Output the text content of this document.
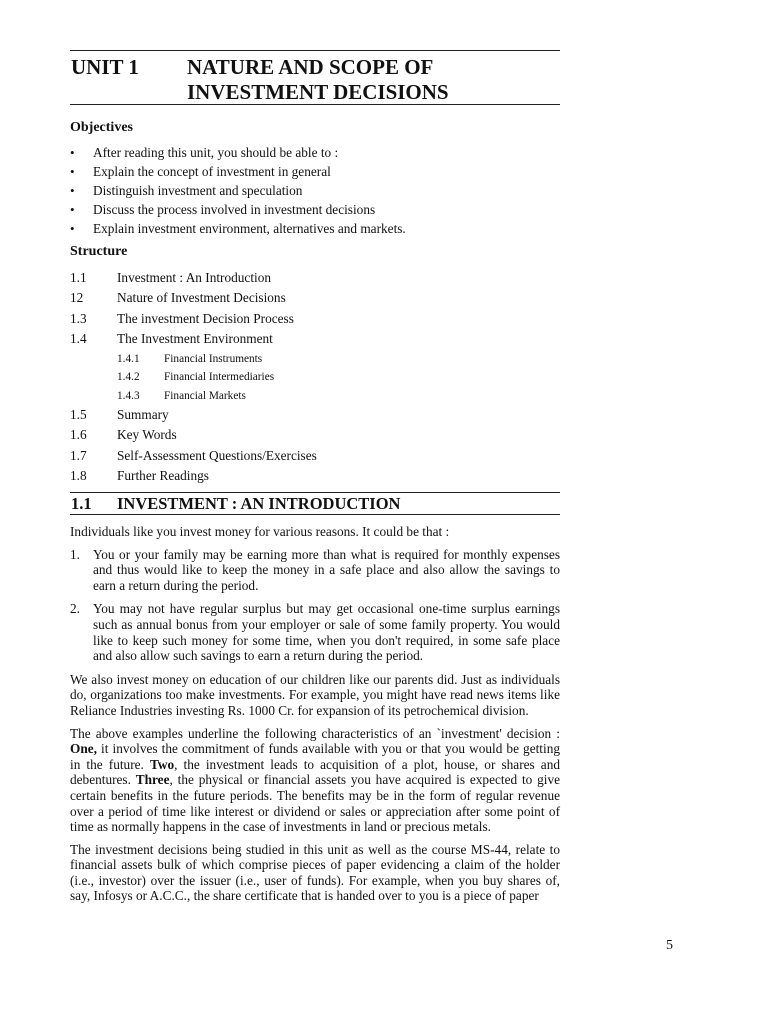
UNIT 1 NATURE AND SCOPE OF
INVESTMENT DECISIONS

Objectives

• After reading this unit, you should be able to :
• Explain the concept of investment in general
• Distinguish investment and speculation
• Discuss the process involved in investment decisions
• Explain investment environment, alternatives and markets.

Structure

1.1 Investment : An Introduction
12	Nature of Investment Decisions
1.3 The investment Decision Process
1.4 The Investment Environment
1.4.1 Financial Instruments
1.4.2 Financial Intermediaries
1.4.3 Financial Markets
1.5 Summary
1.6 Key Words
1.7 Self-Assessment Questions/Exercises
1.8 Further Readings
1.1 INVESTMENT : AN INTRODUCTION

Individuals like you invest money for various reasons. It could be that :

1. You or your family may be earning more than what is required for monthly expenses and thus would like to keep the money in a safe place and also allow the savings to earn a return during the period.
2. You may not have regular surplus but may get occasional one-time surplus earnings such as annual bonus from your employer or sale of some family property. You would like to keep such money for some time, when you don't required, in some safe place and also allow such savings to earn a return during the period.

We also invest money on education of our children like our parents did. Just as individuals do, organizations too make investments. For example, you might have read news items like Reliance Industries investing Rs. 1000 Cr. for expansion of its petrochemical division.

The above examples underline the following characteristics of an `investment' decision : One, it involves the commitment of funds available with you or that you would be getting in the future. Two, the investment leads to acquisition of a plot, house, or shares and debentures. Three, the physical or financial assets you have acquired is expected to give certain benefits in the future periods. The benefits may be in the form of regular revenue over a period of time like interest or dividend or sales or appreciation after some point of time as normally happens in the case of investments in land or precious metals.

The investment decisions being studied in this unit as well as the course MS-44, relate to financial assets bulk of which comprise pieces of paper evidencing a claim of the holder (i.e., investor) over the issuer (i.e., user of funds). For example, when you buy shares of, say, Infosys or A.C.C., the share certificate that is handed over to you is a piece of paper

5
